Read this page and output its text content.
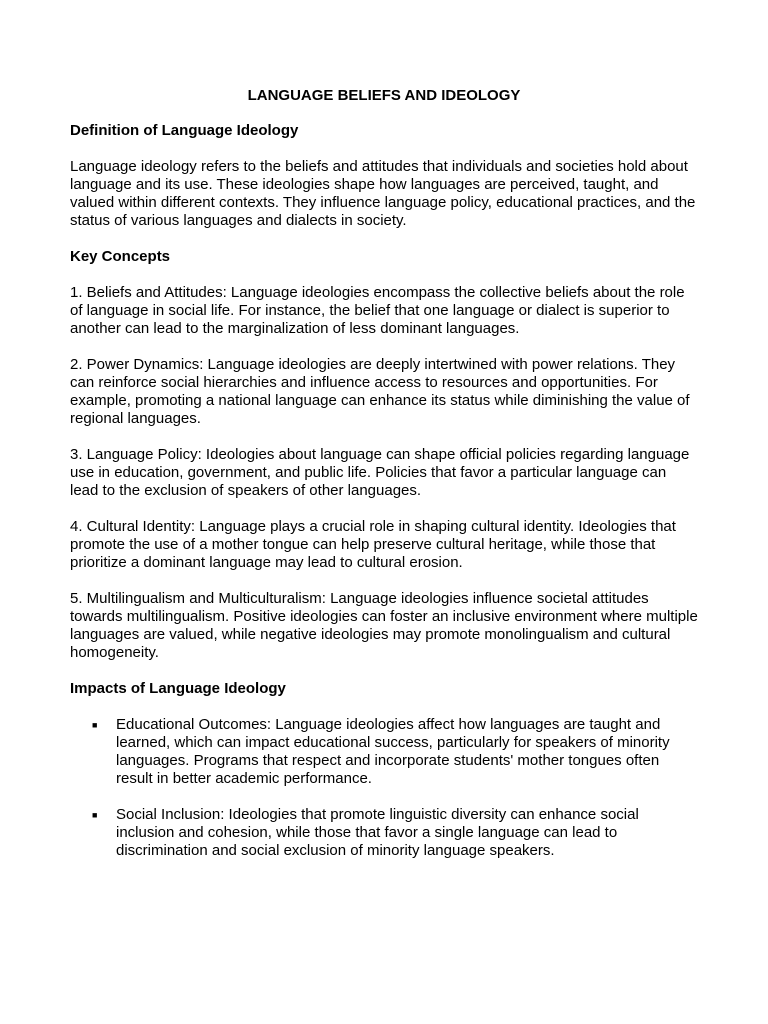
LANGUAGE BELIEFS AND IDEOLOGY
Definition of Language Ideology

Language ideology refers to the beliefs and attitudes that individuals and societies hold about language and its use. These ideologies shape how languages are perceived, taught, and valued within different contexts. They influence language policy, educational practices, and the status of various languages and dialects in society.

Key Concepts

1. Beliefs and Attitudes: Language ideologies encompass the collective beliefs about the role of language in social life. For instance, the belief that one language or dialect is superior to another can lead to the marginalization of less dominant languages.

2. Power Dynamics: Language ideologies are deeply intertwined with power relations. They can reinforce social hierarchies and influence access to resources and opportunities. For example, promoting a national language can enhance its status while diminishing the value of regional languages.

3. Language Policy: Ideologies about language can shape official policies regarding language use in education, government, and public life. Policies that favor a particular language can lead to the exclusion of speakers of other languages.

4. Cultural Identity: Language plays a crucial role in shaping cultural identity. Ideologies that promote the use of a mother tongue can help preserve cultural heritage, while those that prioritize a dominant language may lead to cultural erosion.

5. Multilingualism and Multiculturalism: Language ideologies influence societal attitudes towards multilingualism. Positive ideologies can foster an inclusive environment where multiple languages are valued, while negative ideologies may promote monolingualism and cultural homogeneity.

Impacts of Language Ideology
■ Educational Outcomes: Language ideologies affect how languages are taught and learned, which can impact educational success, particularly for speakers of minority languages. Programs that respect and incorporate students' mother tongues often result in better academic performance.
■ Social Inclusion: Ideologies that promote linguistic diversity can enhance social inclusion and cohesion, while those that favor a single language can lead to discrimination and social exclusion of minority language speakers.
